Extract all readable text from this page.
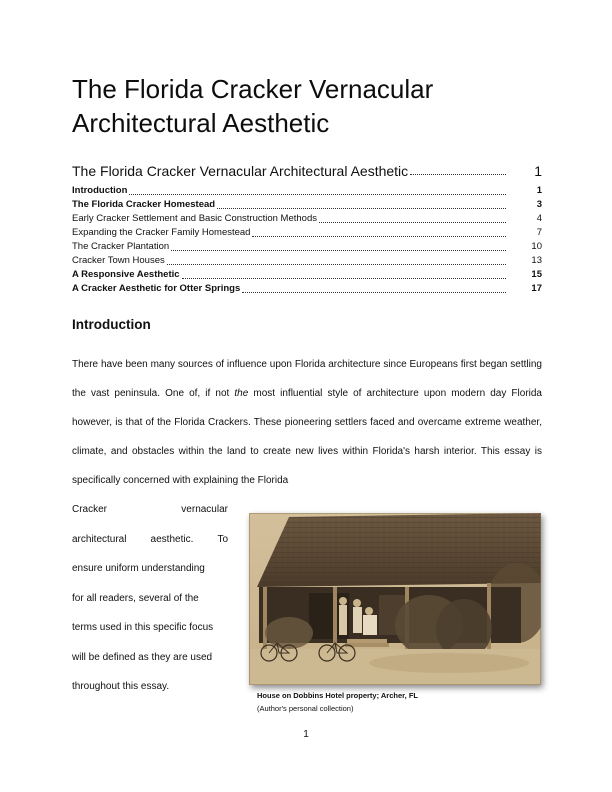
The Florida Cracker Vernacular Architectural Aesthetic
The Florida Cracker Vernacular Architectural Aesthetic	1
Introduction	1
The Florida Cracker Homestead	3
Early Cracker Settlement and Basic Construction Methods	4
Expanding the Cracker Family Homestead	7
The Cracker Plantation	10
Cracker Town Houses	13
A Responsive Aesthetic	15
A Cracker Aesthetic for Otter Springs	17
Introduction

There have been many sources of influence upon Florida architecture since Europeans first began settling the vast peninsula. One of, if not the most influential style of architecture upon modern day Florida however, is that of the Florida Crackers. These pioneering settlers faced and overcame extreme weather, climate, and obstacles within the land to create new lives within Florida's harsh interior. This essay is specifically concerned with explaining the Florida

Cracker	vernacular
architectural aesthetic. To
ensure uniform understanding
for all readers, several of the
terms used in this specific focus
will be defined as they are used
throughout this essay.
House on Dobbins Hotel property; Archer, FL
(Author's personal collection)
1
